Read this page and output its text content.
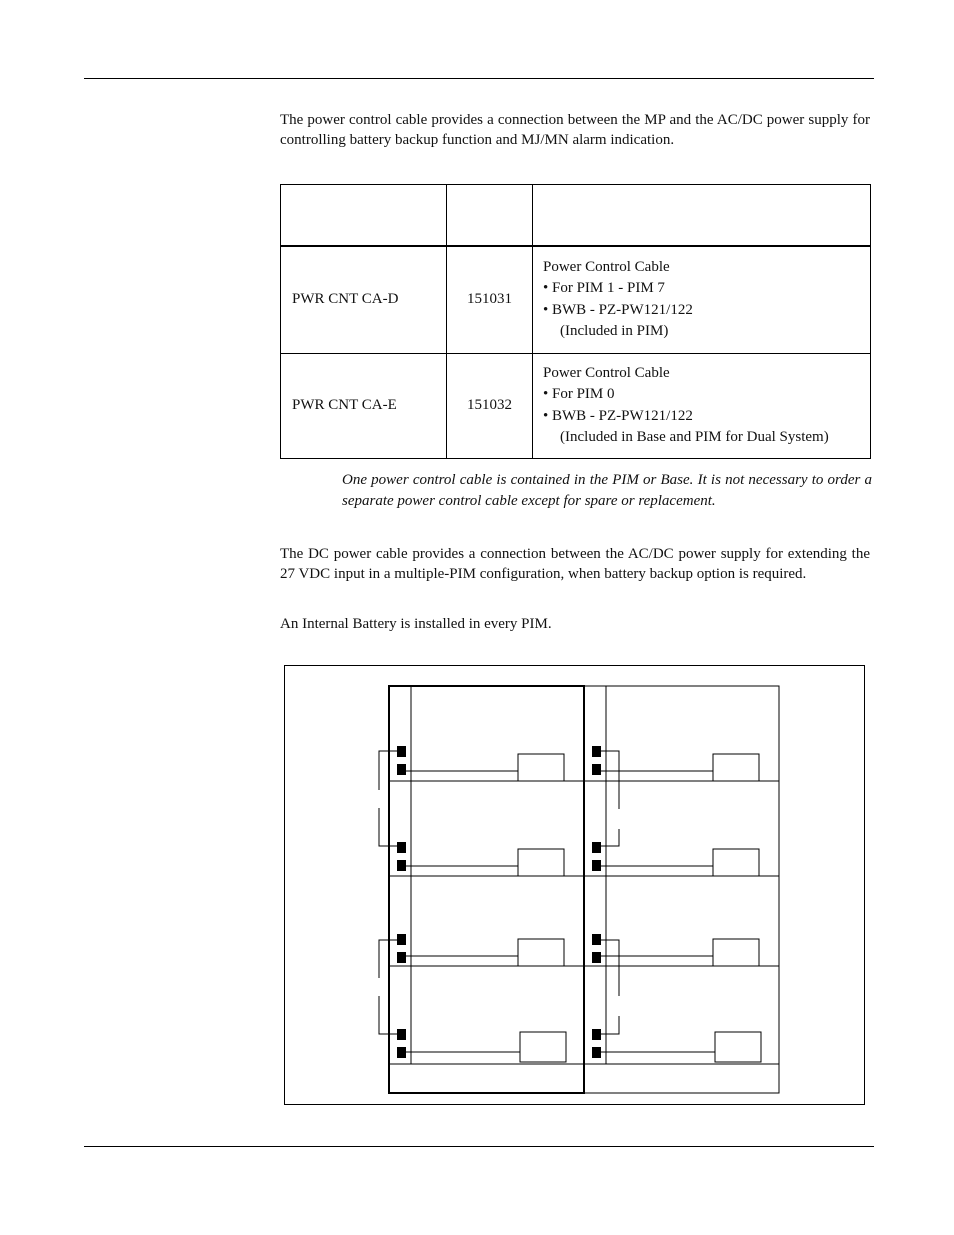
The power control cable provides a connection between the MP and the AC/DC power supply for controlling battery backup function and MJ/MN alarm indication.

PWR CNT CA-D	151031	Power Control Cable
• For PIM 1 - PIM 7
• BWB - PZ-PW121/122
(Included in PIM)

PWR CNT CA-E	151032	Power Control Cable
• For PIM 0
• BWB - PZ-PW121/122
(Included in Base and PIM for Dual System)

One power control cable is contained in the PIM or Base. It is not necessary to order a separate power control cable except for spare or replacement.

The DC power cable provides a connection between the AC/DC power supply for extending the 27 VDC input in a multiple-PIM configuration, when battery backup option is required.

An Internal Battery is installed in every PIM.
